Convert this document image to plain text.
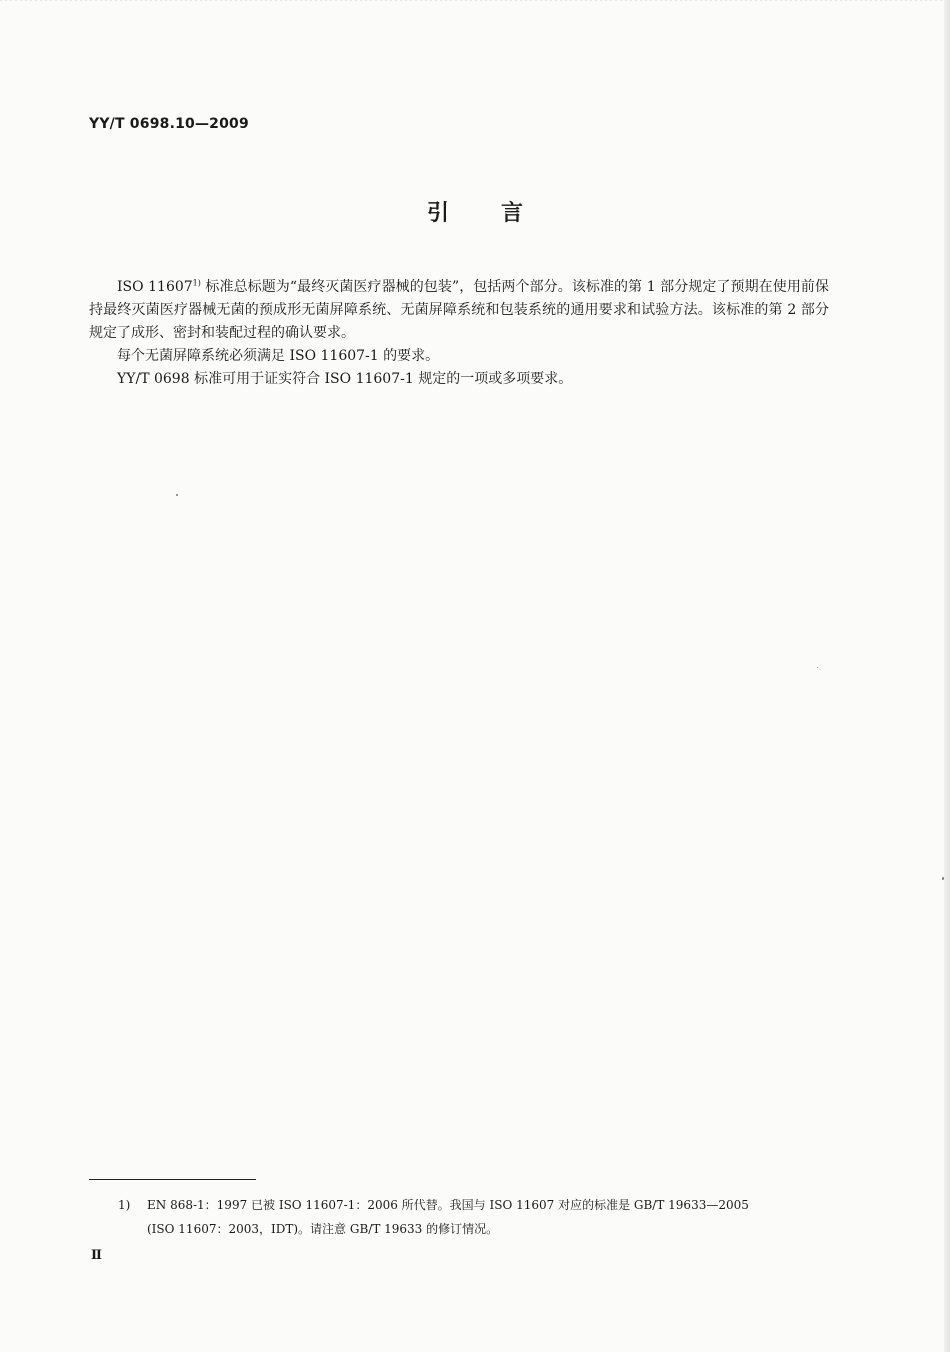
YY/T 0698.10—2009
引 言

ISO 11607$^{1)}$ 标准总标题为“最终灭菌医疗器械的包装”，包括两个部分。该标准的第 1 部分规定了预期在使用前保持最终灭菌医疗器械无菌的预成形无菌屏障系统、无菌屏障系统和包装系统的通用要求和试验方法。该标准的第 2 部分规定了成形、密封和装配过程的确认要求。

每个无菌屏障系统必须满足 ISO 11607-1 的要求。

YY/T 0698 标准可用于证实符合 ISO 11607-1 规定的一项或多项要求。

1) EN 868-1：1997 已被 ISO 11607-1：2006 所代替。我国与 ISO 11607 对应的标准是 GB/T 19633—2005
(ISO 11607：2003，IDT)。请注意 GB/T 19633 的修订情况。
Ⅱ
